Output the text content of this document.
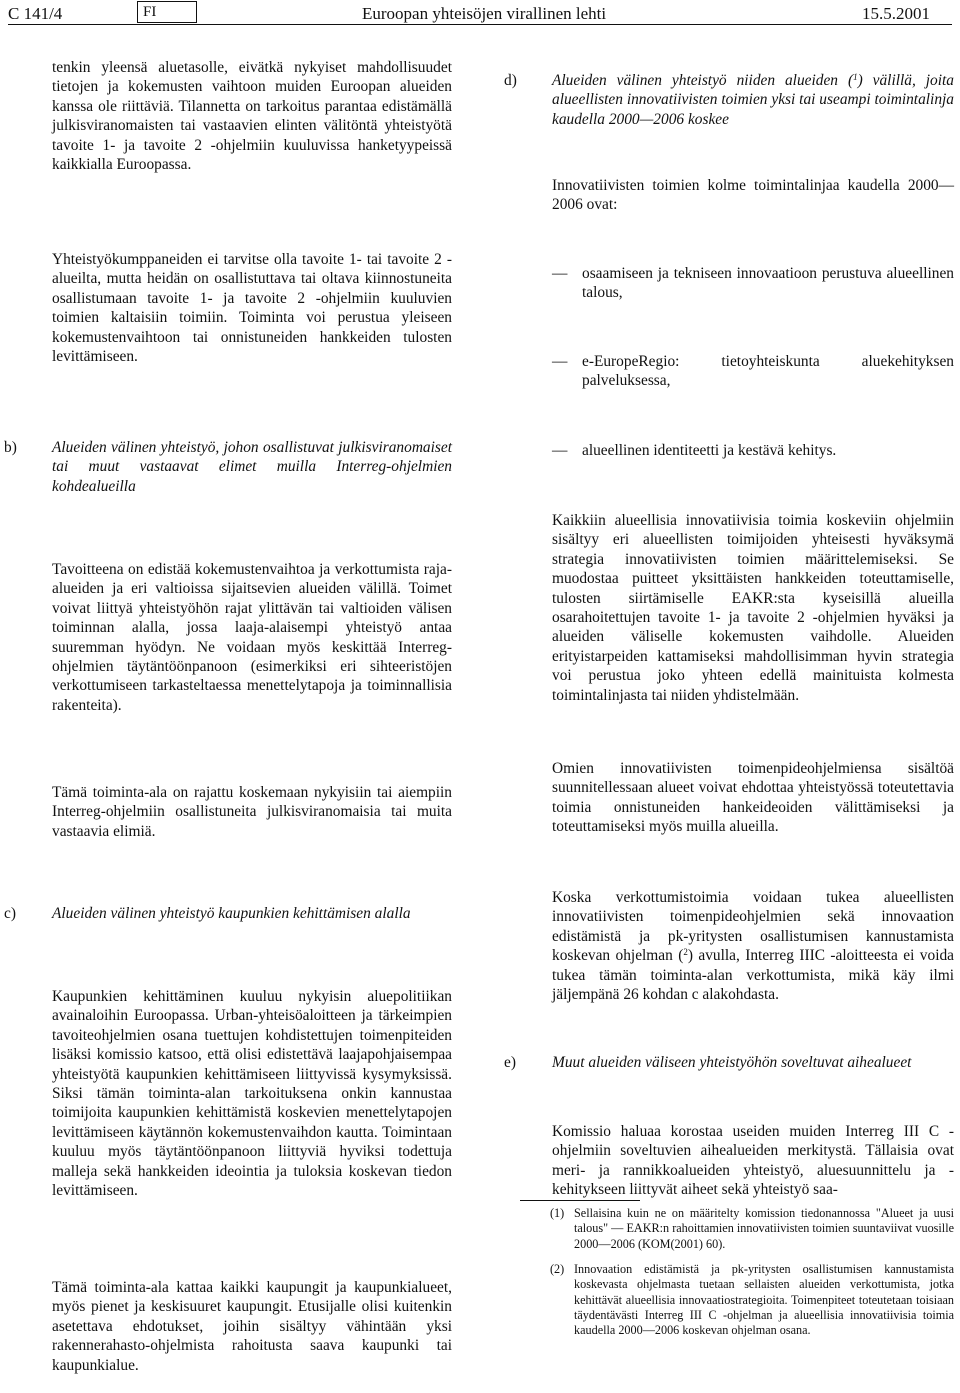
C 141/4	FI	Euroopan yhteisöjen virallinen lehti	15.5.2001

tenkin yleensä aluetasolle, eivätkä nykyiset mahdollisuudet tietojen ja kokemusten vaihtoon muiden Euroopan alueiden kanssa ole riittäviä. Tilannetta on tarkoitus parantaa edistämällä julkisviranomaisten tai vastaavien elinten välitöntä yhteistyötä tavoite 1- ja tavoite 2 -ohjelmiin kuuluvissa hanketyypeissä kaikkialla Euroopassa.

Yhteistyökumppaneiden ei tarvitse olla tavoite 1- tai tavoite 2 -alueilta, mutta heidän on osallistuttava tai oltava kiinnostuneita osallistumaan tavoite 1- ja tavoite 2 -ohjelmiin kuuluvien toimien kaltaisiin toimiin. Toiminta voi perustua yleiseen kokemustenvaihtoon tai onnistuneiden hankkeiden tulosten levittämiseen.

b) Alueiden välinen yhteistyö, johon osallistuvat julkisviranomaiset tai muut vastaavat elimet muilla Interreg-ohjelmien kohdealueilla

Tavoitteena on edistää kokemustenvaihtoa ja verkottumista raja-alueiden ja eri valtioissa sijaitsevien alueiden välillä. Toimet voivat liittyä yhteistyöhön rajat ylittävän tai valtioiden välisen toiminnan alalla, jossa laaja-alaisempi yhteistyö antaa suuremman hyödyn. Ne voidaan myös keskittää Interreg-ohjelmien täytäntöönpanoon (esimerkiksi eri sihteeristöjen verkottumiseen tarkasteltaessa menettelytapoja ja toiminnallisia rakenteita).

Tämä toiminta-ala on rajattu koskemaan nykyisiin tai aiempiin Interreg-ohjelmiin osallistuneita julkisviranomaisia tai muita vastaavia elimiä.

c) Alueiden välinen yhteistyö kaupunkien kehittämisen alalla

Kaupunkien kehittäminen kuuluu nykyisin aluepolitiikan avainaloihin Euroopassa. Urban-yhteisöaloitteen ja tärkeimpien tavoiteohjelmien osana tuettujen kohdistettujen toimenpiteiden lisäksi komissio katsoo, että olisi edistettävä laajapohjaisempaa yhteistyötä kaupunkien kehittämiseen liittyvissä kysymyksissä. Siksi tämän toiminta-alan tarkoituksena onkin kannustaa toimijoita kaupunkien kehittämistä koskevien menettelytapojen levittämiseen käytännön kokemustenvaihdon kautta. Toimintaan kuuluu myös täytäntöönpanoon liittyviä hyviksi todettuja malleja sekä hankkeiden ideointia ja tuloksia koskevan tiedon levittämiseen.

Tämä toiminta-ala kattaa kaikki kaupungit ja kaupunkialueet, myös pienet ja keskisuuret kaupungit. Etusijalle olisi kuitenkin asetettava ehdotukset, joihin sisältyy vähintään yksi rakennerahasto-ohjelmista rahoitusta saava kaupunki tai kaupunkialue.

d) Alueiden välinen yhteistyö niiden alueiden ($^1$) välillä, joita alueellisten innovatiivisten toimien yksi tai useampi toimintalinja kaudella 2000—2006 koskee

Innovatiivisten toimien kolme toimintalinjaa kaudella 2000—2006 ovat:

— osaamiseen ja tekniseen innovaatioon perustuva alueellinen talous,
— e-EuropeRegio: tietoyhteiskunta aluekehityksen palveluksessa,
— alueellinen identiteetti ja kestävä kehitys.

Kaikkiin alueellisia innovatiivisia toimia koskeviin ohjelmiin sisältyy eri alueellisten toimijoiden yhteisesti hyväksymä strategia innovatiivisten toimien määrittelemiseksi. Se muodostaa puitteet yksittäisten hankkeiden toteuttamiselle, tulosten siirtämiselle EAKR:sta kyseisillä alueilla osarahoitettujen tavoite 1- ja tavoite 2 -ohjelmien hyväksi ja alueiden väliselle kokemusten vaihdolle. Alueiden erityistarpeiden kattamiseksi mahdollisimman hyvin strategia voi perustua joko yhteen edellä mainituista kolmesta toimintalinjasta tai niiden yhdistelmään.

Omien innovatiivisten toimenpideohjelmiensa sisältöä suunnitellessaan alueet voivat ehdottaa yhteistyössä toteutettavia toimia onnistuneiden hankeideoiden välittämiseksi ja toteuttamiseksi myös muilla alueilla.

Koska verkottumistoimia voidaan tukea alueellisten innovatiivisten toimenpideohjelmien sekä innovaation edistämistä ja pk-yritysten osallistumisen kannustamista koskevan ohjelman ($^2$) avulla, Interreg IIIC -aloitteesta ei voida tukea tämän toiminta-alan verkottumista, mikä käy ilmi jäljempänä 26 kohdan c alakohdasta.

e) Muut alueiden väliseen yhteistyöhön soveltuvat aihealueet

Komissio haluaa korostaa useiden muiden Interreg III C -ohjelmiin soveltuvien aihealueiden merkitystä. Tällaisia ovat meri- ja rannikkoalueiden yhteistyö, aluesuunnittelu ja -kehitykseen liittyvät aiheet sekä yhteistyö saa-

(1) Sellaisina kuin ne on määritelty komission tiedonannossa "Alueet ja uusi talous" — EAKR:n rahoittamien innovatiivisten toimien suuntaviivat vuosille 2000—2006 (KOM(2001) 60).
(2) Innovaation edistämistä ja pk-yritysten osallistumisen kannustamista koskevasta ohjelmasta tuetaan sellaisten alueiden verkottumista, jotka kehittävät alueellisia innovaatiostrategioita. Toimenpiteet toteutetaan toisiaan täydentävästi Interreg III C -ohjelman ja alueellisia innovatiivisia toimia kaudella 2000—2006 koskevan ohjelman osana.
